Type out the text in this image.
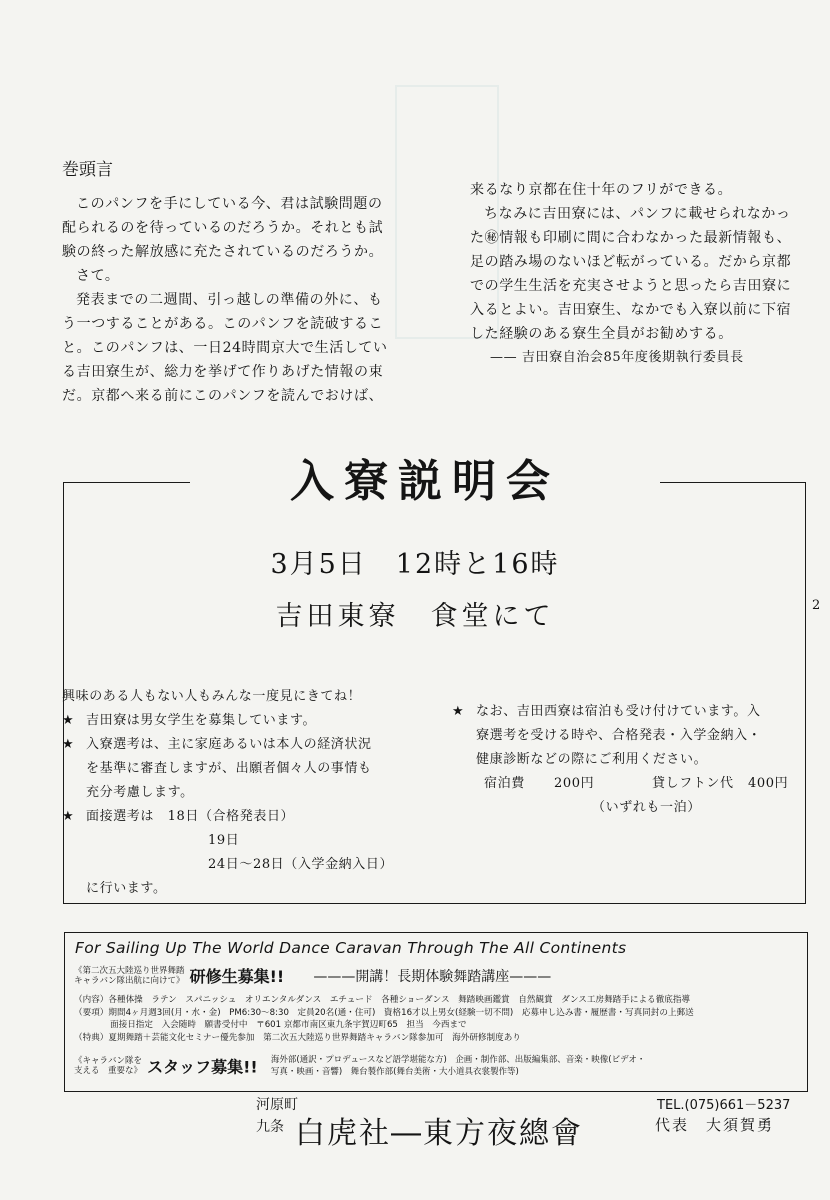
巻頭言

このパンフを手にしている今、君は試験問題の

配られるのを待っているのだろうか。それとも試

験の終った解放感に充たされているのだろうか。

さて。

発表までの二週間、引っ越しの準備の外に、も

う一つすることがある。このパンフを読破するこ

と。このパンフは、一日24時間京大で生活してい

る吉田寮生が、総力を挙げて作りあげた情報の束

だ。京都へ来る前にこのパンフを読んでおけば、

来るなり京都在住十年のフリができる。

ちなみに吉田寮には、パンフに載せられなかっ

た㊙情報も印刷に間に合わなかった最新情報も、

足の踏み場のないほど転がっている。だから京都

での学生生活を充実させようと思ったら吉田寮に

入るとよい。吉田寮生、なかでも入寮以前に下宿

した経験のある寮生全員がお勧めする。

—— 吉田寮自治会85年度後期執行委員長

入寮説明会
3月5日　12時と16時
吉田東寮　食堂にて	2

興味のある人もない人もみんな一度見にきてね！

★ 吉田寮は男女学生を募集しています。
★ 入寮選考は、主に家庭あるいは本人の経済状況

を基準に審査しますが、出願者個々人の事情も

充分考慮します。

★ 面接選考は　18日（合格発表日）

19日

24日〜28日（入学金納入日）

に行います。

★ なお、吉田西寮は宿泊も受け付けています。入

寮選考を受ける時や、合格発表・入学金納入・

健康診断などの際にご利用ください。

宿泊費	200円	貸しフトン代	400円

（いずれも一泊）

For Sailing Up The World Dance Caravan Through The All Continents
《第二次五大陸巡り世界舞踏
キャラバン隊出航に向けて》 研修生募集!! ———開講！長期体験舞踏講座———

（内容）各種体操　ラテン　スパニッシュ　オリエンタルダンス　エチュード　各種ショーダンス　舞踏映画鑑賞　自然観賞　ダンス工房舞踏手による徹底指導

（要項）期間4ヶ月週3回(月・水・金)　PM6:30〜8:30　定員20名(通・住可)　資格16才以上男女(経験一切不問)　応募申し込み書・履歴書・写真同封の上郵送

面接日指定　入会随時　願書受付中　〒601 京都市南区東九条宇賀辺町65　担当　今西まで

（特典）夏期舞踏＋芸能文化セミナー優先参加　第二次五大陸巡り世界舞踏キャラバン隊参加可　海外研修制度あり

《キャラバン隊を
支える　重要な》 スタッフ募集!! 海外部(通訳・プロデュースなど語学堪能な方)　企画・制作部、出版編集部、音楽・映像(ビデオ・
写真・映画・音響)　舞台製作部(舞台美術・大小道具衣裳製作等)
河原町
九条 白虎社―東方夜總會
TEL.(075)661－5237
代表　大須賀勇
